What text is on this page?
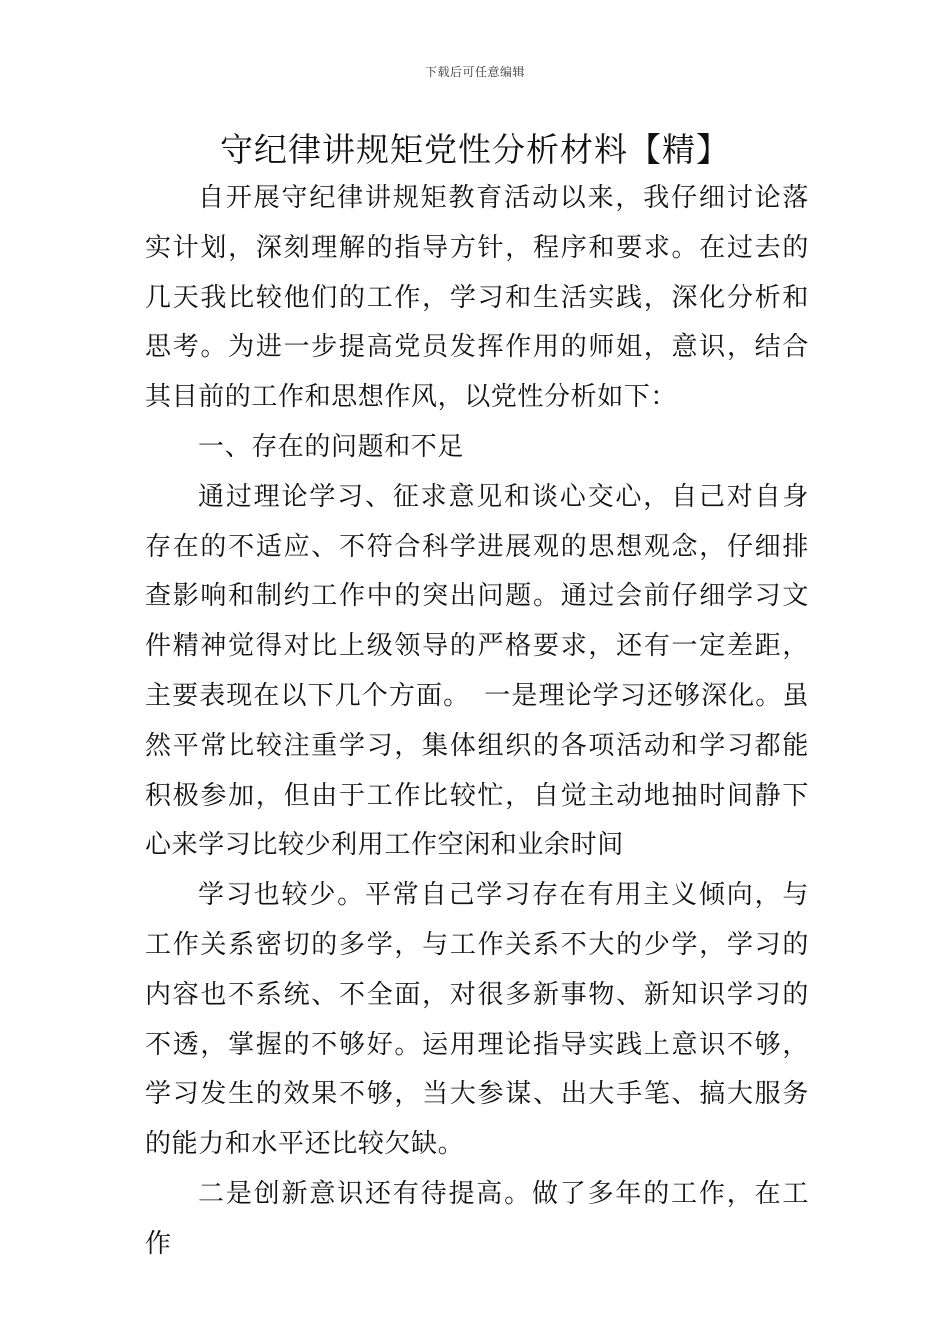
下载后可任意编辑
守纪律讲规矩党性分析材料【精】

自开展守纪律讲规矩教育活动以来，我仔细讨论落实计划，深刻理解的指导方针，程序和要求。在过去的几天我比较他们的工作，学习和生活实践，深化分析和思考。为进一步提高党员发挥作用的师姐，意识，结合其目前的工作和思想作风，以党性分析如下：

一、存在的问题和不足

通过理论学习、征求意见和谈心交心，自己对自身存在的不适应、不符合科学进展观的思想观念，仔细排查影响和制约工作中的突出问题。通过会前仔细学习文件精神觉得对比上级领导的严格要求，还有一定差距，主要表现在以下几个方面。　一是理论学习还够深化。虽然平常比较注重学习，集体组织的各项活动和学习都能积极参加，但由于工作比较忙，自觉主动地抽时间静下心来学习比较少利用工作空闲和业余时间

学习也较少。平常自己学习存在有用主义倾向，与工作关系密切的多学，与工作关系不大的少学，学习的内容也不系统、不全面，对很多新事物、新知识学习的不透，掌握的不够好。运用理论指导实践上意识不够，学习发生的效果不够，当大参谋、出大手笔、搞大服务的能力和水平还比较欠缺。

二是创新意识还有待提高。做了多年的工作，在工作
